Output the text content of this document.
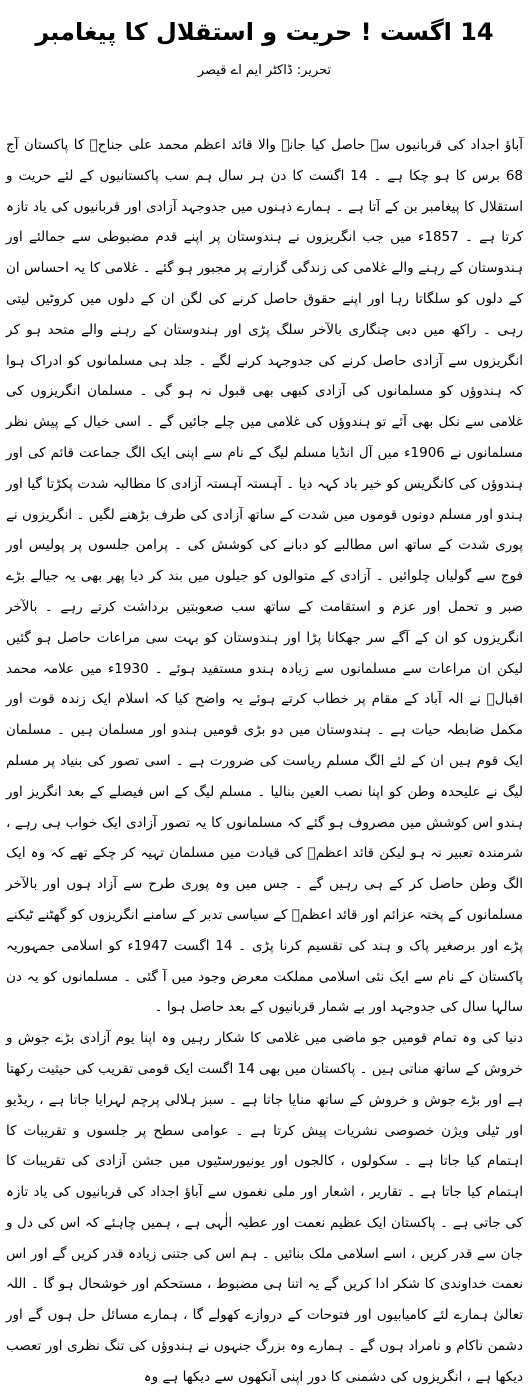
14 اگست ! حریت و استقلال کا پیغامبر
تحریر: ڈاکٹر ایم اے قیصر

آباؤ اجداد کی قربانیوں سے حاصل کیا جانے والا قائد اعظم محمد علی جناحؒ کا پاکستان آج 68 برس کا ہو چکا ہے ۔ 14 اگست کا دن ہر سال ہم سب پاکستانیوں کے لئے حریت و استقلال کا پیغامبر بن کے آتا ہے ۔ ہمارے ذہنوں میں جدوجہد آزادی اور قربانیوں کی یاد تازہ کرتا ہے ۔ 1857ء میں جب انگریزوں نے ہندوستان پر اپنے قدم مضبوطی سے جمالئے اور ہندوستان کے رہنے والے غلامی کی زندگی گزارنے پر مجبور ہو گئے ۔ غلامی کا یہ احساس ان کے دلوں کو سلگاتا رہا اور اپنے حقوق حاصل کرنے کی لگن ان کے دلوں میں کروٹیں لیتی رہی ۔ راکھ میں دبی چنگاری بالآخر سلگ پڑی اور ہندوستان کے رہنے والے متحد ہو کر انگریزوں سے آزادی حاصل کرنے کی جدوجہد کرنے لگے ۔ جلد ہی مسلمانوں کو ادراک ہوا کہ ہندوؤں کو مسلمانوں کی آزادی کبھی بھی قبول نہ ہو گی ۔ مسلمان انگریزوں کی غلامی سے نکل بھی آئے تو ہندوؤں کی غلامی میں چلے جائیں گے ۔ اسی خیال کے پیش نظر مسلمانوں نے 1906ء میں آل انڈیا مسلم لیگ کے نام سے اپنی ایک الگ جماعت قائم کی اور ہندوؤں کی کانگریس کو خیر باد کہہ دیا ۔ آہستہ آہستہ آزادی کا مطالبہ شدت پکڑتا گیا اور ہندو اور مسلم دونوں قوموں میں شدت کے ساتھ آزادی کی طرف بڑھنے لگیں ۔ انگریزوں نے پوری شدت کے ساتھ اس مطالبے کو دبانے کی کوشش کی ۔ پرامن جلسوں پر پولیس اور فوج سے گولیاں چلوائیں ۔ آزادی کے متوالوں کو جیلوں میں بند کر دیا پھر بھی یہ جیالے بڑے صبر و تحمل اور عزم و استقامت کے ساتھ سب صعوبتیں برداشت کرتے رہے ۔ بالآخر انگریزوں کو ان کے آگے سر جھکانا پڑا اور ہندوستان کو بہت سی مراعات حاصل ہو گئیں لیکن ان مراعات سے مسلمانوں سے زیادہ ہندو مستفید ہوئے ۔ 1930ء میں علامہ محمد اقبالؒ نے الہ آباد کے مقام پر خطاب کرتے ہوئے یہ واضح کیا کہ اسلام ایک زندہ قوت اور مکمل ضابطہ حیات ہے ۔ ہندوستان میں دو بڑی قومیں ہندو اور مسلمان ہیں ۔ مسلمان ایک قوم ہیں ان کے لئے الگ مسلم ریاست کی ضرورت ہے ۔ اسی تصور کی بنیاد پر مسلم لیگ نے علیحدہ وطن کو اپنا نصب العین بنالیا ۔ مسلم لیگ کے اس فیصلے کے بعد انگریز اور ہندو اس کوشش میں مصروف ہو گئے کہ مسلمانوں کا یہ تصور آزادی ایک خواب ہی رہے ، شرمندہ تعبیر نہ ہو لیکن قائد اعظمؒ کی قیادت میں مسلمان تہیہ کر چکے تھے کہ وہ ایک الگ وطن حاصل کر کے ہی رہیں گے ۔ جس میں وہ پوری طرح سے آزاد ہوں اور بالآخر مسلمانوں کے پختہ عزائم اور قائد اعظمؒ کے سیاسی تدبر کے سامنے انگریزوں کو گھٹنے ٹیکنے پڑے اور برصغیر پاک و ہند کی تقسیم کرنا پڑی ۔ 14 اگست 1947ء کو اسلامی جمہوریہ پاکستان کے نام سے ایک نئی اسلامی مملکت معرض وجود میں آ گئی ۔ مسلمانوں کو یہ دن سالہا سال کی جدوجہد اور بے شمار قربانیوں کے بعد حاصل ہوا ۔

دنیا کی وہ تمام قومیں جو ماضی میں غلامی کا شکار رہیں وہ اپنا یوم آزادی بڑے جوش و خروش کے ساتھ مناتی ہیں ۔ پاکستان میں بھی 14 اگست ایک قومی تقریب کی حیثیت رکھتا ہے اور بڑے جوش و خروش کے ساتھ منایا جاتا ہے ۔ سبز ہلالی پرچم لہرایا جاتا ہے ، ریڈیو اور ٹیلی ویژن خصوصی نشریات پیش کرتا ہے ۔ عوامی سطح پر جلسوں و تقریبات کا اہتمام کیا جاتا ہے ۔ سکولوں ، کالجوں اور یونیورسٹیوں میں جشن آزادی کی تقریبات کا اہتمام کیا جاتا ہے ۔ تقاریر ، اشعار اور ملی نغموں سے آباؤ اجداد کی قربانیوں کی یاد تازہ کی جاتی ہے ۔ پاکستان ایک عظیم نعمت اور عطیہ الٰہی ہے ، ہمیں چاہئے کہ اس کی دل و جان سے قدر کریں ، اسے اسلامی ملک بنائیں ۔ ہم اس کی جتنی زیادہ قدر کریں گے اور اس نعمت خداوندی کا شکر ادا کریں گے یہ اتنا ہی مضبوط ، مستحکم اور خوشحال ہو گا ۔ اللہ تعالیٰ ہمارے لئے کامیابیوں اور فتوحات کے دروازے کھولے گا ، ہمارے مسائل حل ہوں گے اور دشمن ناکام و نامراد ہوں گے ۔ ہمارے وہ بزرگ جنہوں نے ہندوؤں کی تنگ نظری اور تعصب دیکھا ہے ، انگریزوں کی دشمنی کا دور اپنی آنکھوں سے دیکھا ہے وہ
